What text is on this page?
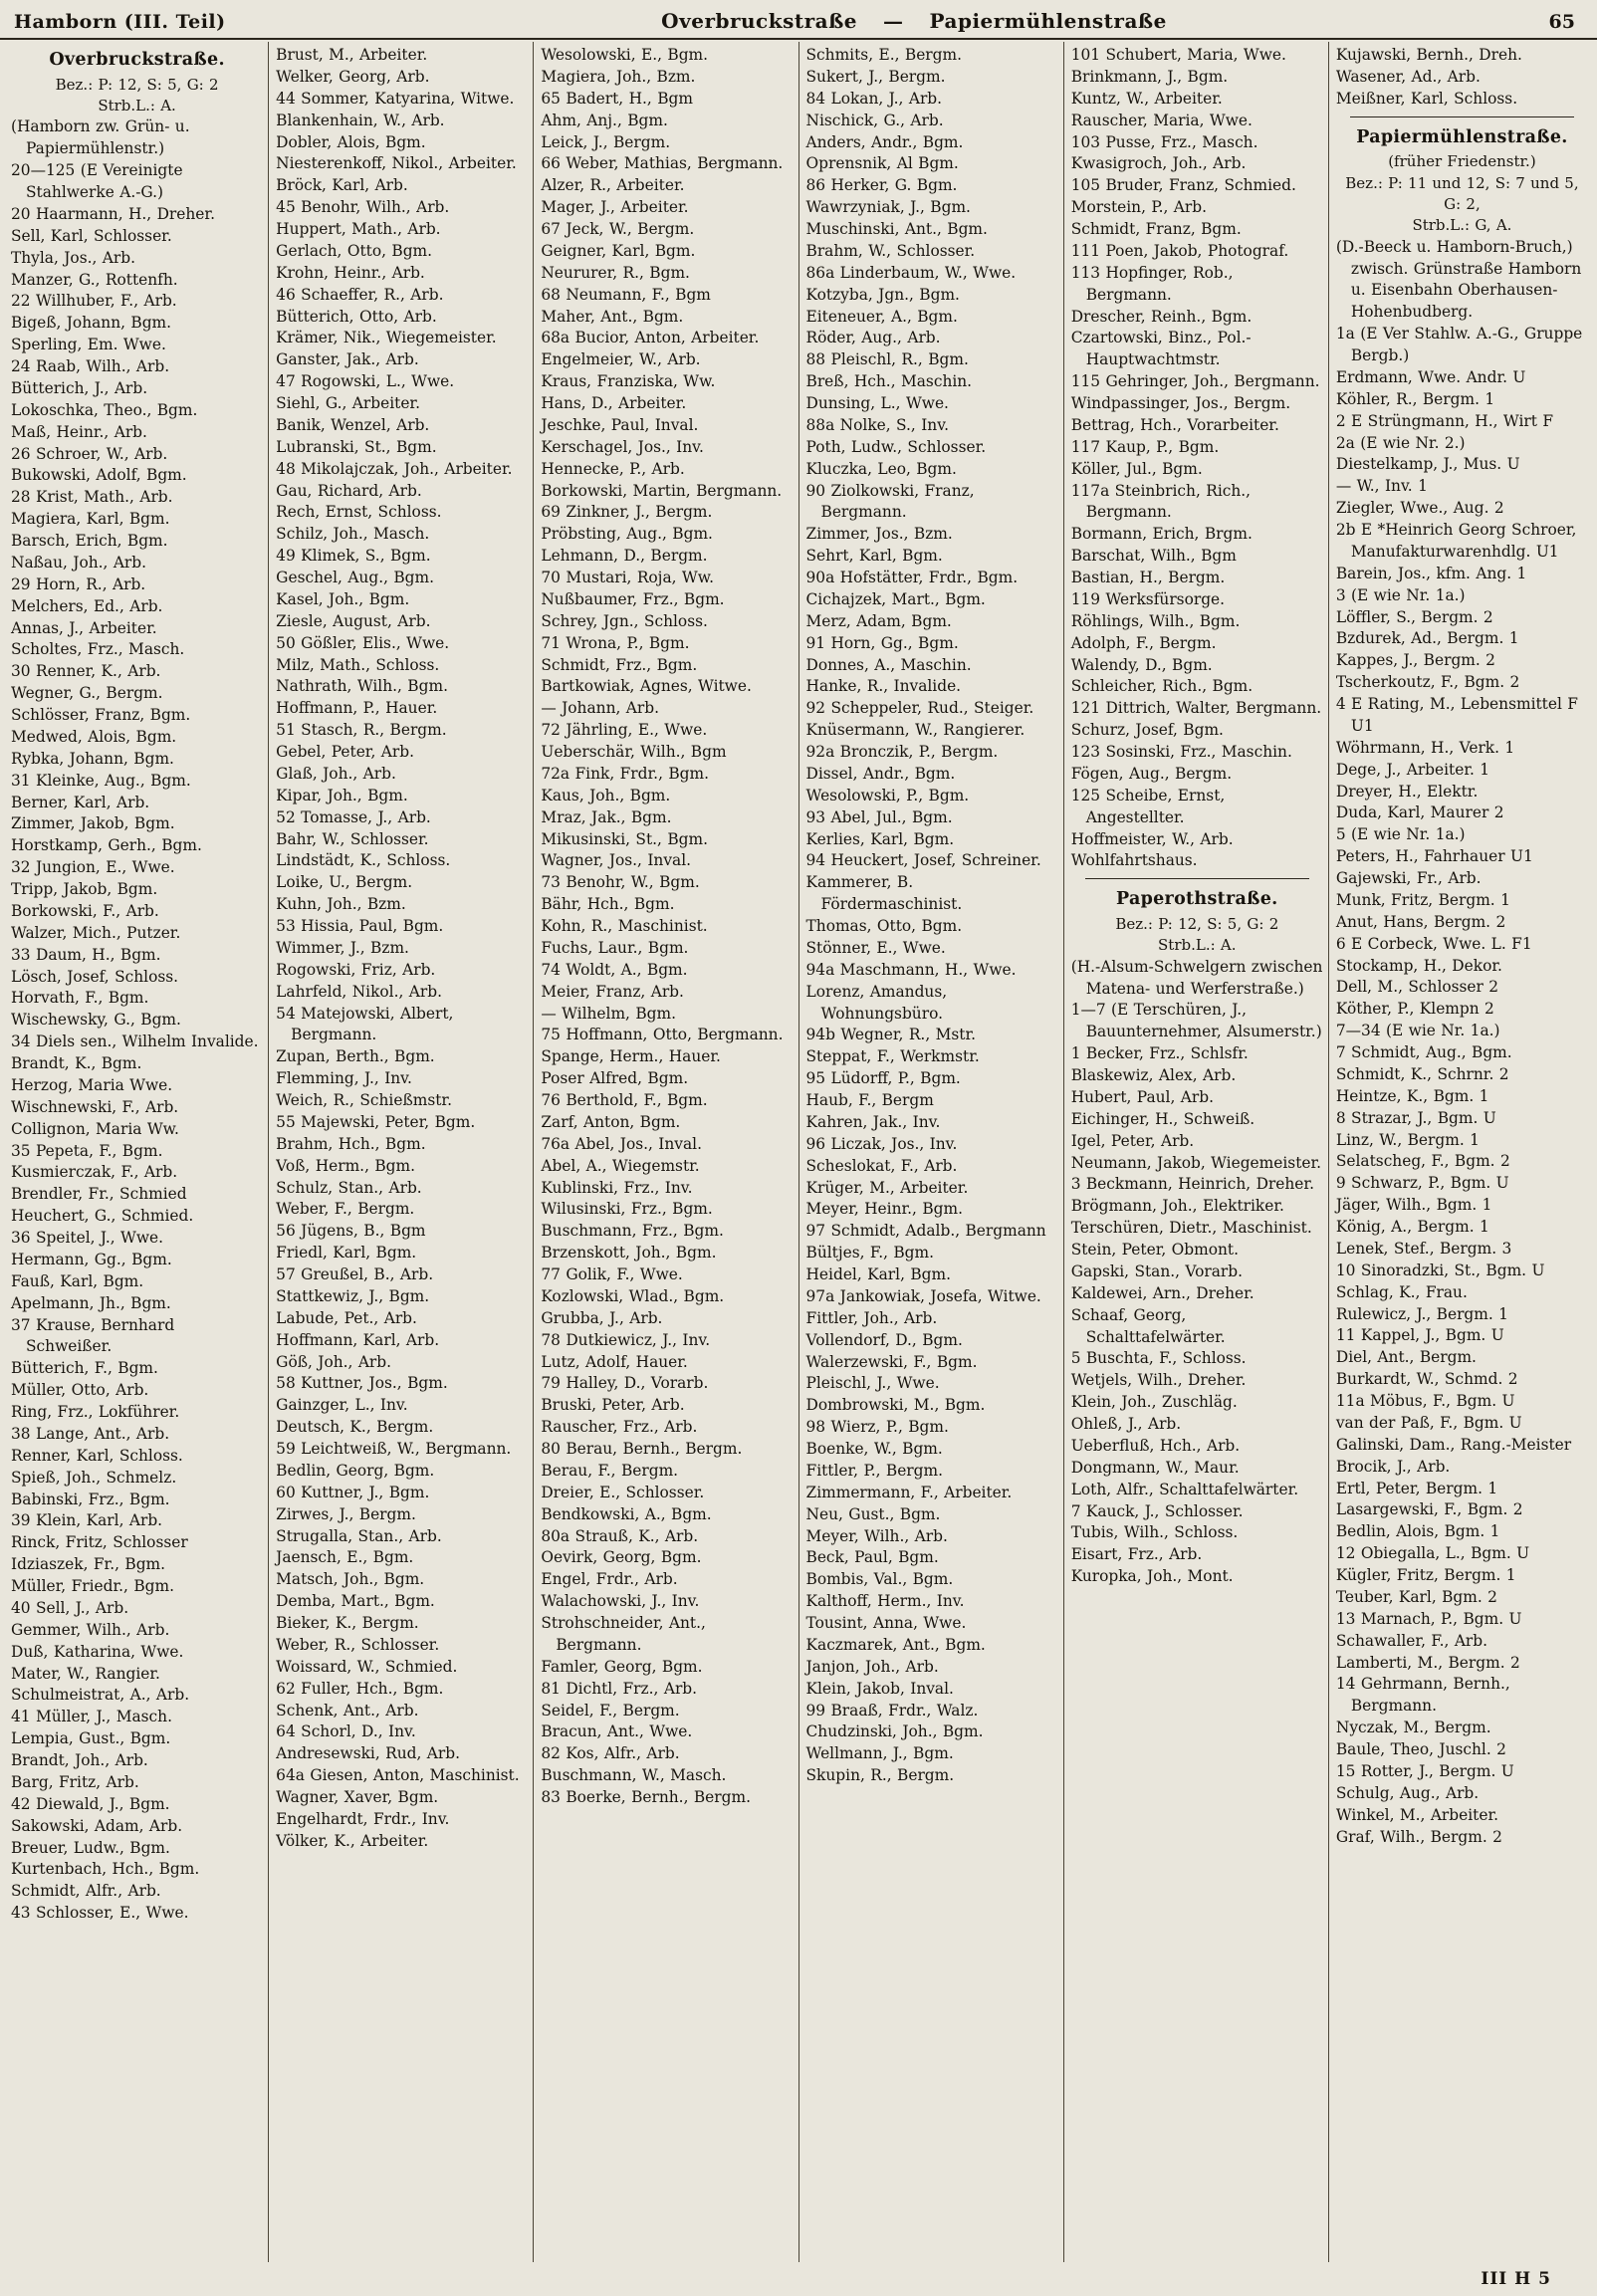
Hamborn (III. Teil)	Overbruckstraße — Papiermühlenstraße	65
Overbruckstraße.
Bez.: P: 12, S: 5, G: 2
Strb.L.: A.
(Hamborn zw. Grün- u. Papiermühlenstr.)
20—125 (E Vereinigte Stahlwerke A.-G.)
20 Haarmann, H., Dreher.
Sell, Karl, Schlosser.
Thyla, Jos., Arb.
Manzer, G., Rottenfh.
22 Willhuber, F., Arb.
Bigeß, Johann, Bgm.
Sperling, Em. Wwe.
24 Raab, Wilh., Arb.
Bütterich, J., Arb.
Lokoschka, Theo., Bgm.
Maß, Heinr., Arb.
26 Schroer, W., Arb.
Bukowski, Adolf, Bgm.
28 Krist, Math., Arb.
Magiera, Karl, Bgm.
Barsch, Erich, Bgm.
Naßau, Joh., Arb.
29 Horn, R., Arb.
Melchers, Ed., Arb.
Annas, J., Arbeiter.
Scholtes, Frz., Masch.
30 Renner, K., Arb.
Wegner, G., Bergm.
Schlösser, Franz, Bgm.
Medwed, Alois, Bgm.
Rybka, Johann, Bgm.
31 Kleinke, Aug., Bgm.
Berner, Karl, Arb.
Zimmer, Jakob, Bgm.
Horstkamp, Gerh., Bgm.
32 Jungion, E., Wwe.
Tripp, Jakob, Bgm.
Borkowski, F., Arb.
Walzer, Mich., Putzer.
33 Daum, H., Bgm.
Lösch, Josef, Schloss.
Horvath, F., Bgm.
Wischewsky, G., Bgm.
34 Diels sen., Wilhelm Invalide.
Brandt, K., Bgm.
Herzog, Maria Wwe.
Wischnewski, F., Arb.
Collignon, Maria Ww.
35 Pepeta, F., Bgm.
Kusmierczak, F., Arb.
Brendler, Fr., Schmied
Heuchert, G., Schmied.
36 Speitel, J., Wwe.
Hermann, Gg., Bgm.
Fauß, Karl, Bgm.
Apelmann, Jh., Bgm.
37 Krause, Bernhard Schweißer.
Bütterich, F., Bgm.
Müller, Otto, Arb.
Ring, Frz., Lokführer.
38 Lange, Ant., Arb.
Renner, Karl, Schloss.
Spieß, Joh., Schmelz.
Babinski, Frz., Bgm.
39 Klein, Karl, Arb.
Rinck, Fritz, Schlosser
Idziaszek, Fr., Bgm.
Müller, Friedr., Bgm.
40 Sell, J., Arb.
Gemmer, Wilh., Arb.
Duß, Katharina, Wwe.
Mater, W., Rangier.
Schulmeistrat, A., Arb.
41 Müller, J., Masch.
Lempia, Gust., Bgm.
Brandt, Joh., Arb.
Barg, Fritz, Arb.
42 Diewald, J., Bgm.
Sakowski, Adam, Arb.
Breuer, Ludw., Bgm.
Kurtenbach, Hch., Bgm.
Schmidt, Alfr., Arb.
43 Schlosser, E., Wwe.
Brust, M., Arbeiter.
Welker, Georg, Arb.
44 Sommer, Katyarina, Witwe.
Blankenhain, W., Arb.
Dobler, Alois, Bgm.
Niesterenkoff, Nikol., Arbeiter.
Bröck, Karl, Arb.
45 Benohr, Wilh., Arb.
Huppert, Math., Arb.
Gerlach, Otto, Bgm.
Krohn, Heinr., Arb.
46 Schaeffer, R., Arb.
Bütterich, Otto, Arb.
Krämer, Nik., Wiegemeister.
Ganster, Jak., Arb.
47 Rogowski, L., Wwe.
Siehl, G., Arbeiter.
Banik, Wenzel, Arb.
Lubranski, St., Bgm.
48 Mikolajczak, Joh., Arbeiter.
Gau, Richard, Arb.
Rech, Ernst, Schloss.
Schilz, Joh., Masch.
49 Klimek, S., Bgm.
Geschel, Aug., Bgm.
Kasel, Joh., Bgm.
Ziesle, August, Arb.
50 Gößler, Elis., Wwe.
Milz, Math., Schloss.
Nathrath, Wilh., Bgm.
Hoffmann, P., Hauer.
51 Stasch, R., Bergm.
Gebel, Peter, Arb.
Glaß, Joh., Arb.
Kipar, Joh., Bgm.
52 Tomasse, J., Arb.
Bahr, W., Schlosser.
Lindstädt, K., Schloss.
Loike, U., Bergm.
Kuhn, Joh., Bzm.
53 Hissia, Paul, Bgm.
Wimmer, J., Bzm.
Rogowski, Friz, Arb.
Lahrfeld, Nikol., Arb.
54 Matejowski, Albert, Bergmann.
Zupan, Berth., Bgm.
Flemming, J., Inv.
Weich, R., Schießmstr.
55 Majewski, Peter, Bgm.
Brahm, Hch., Bgm.
Voß, Herm., Bgm.
Schulz, Stan., Arb.
Weber, F., Bergm.
56 Jügens, B., Bgm
Friedl, Karl, Bgm.
57 Greußel, B., Arb.
Stattkewiz, J., Bgm.
Labude, Pet., Arb.
Hoffmann, Karl, Arb.
Göß, Joh., Arb.
58 Kuttner, Jos., Bgm.
Gainzger, L., Inv.
Deutsch, K., Bergm.
59 Leichtweiß, W., Bergmann.
Bedlin, Georg, Bgm.
60 Kuttner, J., Bgm.
Zirwes, J., Bergm.
Strugalla, Stan., Arb.
Jaensch, E., Bgm.
Matsch, Joh., Bgm.
Demba, Mart., Bgm.
Bieker, K., Bergm.
Weber, R., Schlosser.
Woissard, W., Schmied.
62 Fuller, Hch., Bgm.
Schenk, Ant., Arb.
64 Schorl, D., Inv.
Andresewski, Rud, Arb.
64a Giesen, Anton, Maschinist.
Wagner, Xaver, Bgm.
Engelhardt, Frdr., Inv.
Völker, K., Arbeiter.
Wesolowski, E., Bgm.
Magiera, Joh., Bzm.
65 Badert, H., Bgm
Ahm, Anj., Bgm.
Leick, J., Bergm.
66 Weber, Mathias, Bergmann.
Alzer, R., Arbeiter.
Mager, J., Arbeiter.
67 Jeck, W., Bergm.
Geigner, Karl, Bgm.
Neururer, R., Bgm.
68 Neumann, F., Bgm
Maher, Ant., Bgm.
68a Bucior, Anton, Arbeiter.
Engelmeier, W., Arb.
Kraus, Franziska, Ww.
Hans, D., Arbeiter.
Jeschke, Paul, Inval.
Kerschagel, Jos., Inv.
Hennecke, P., Arb.
Borkowski, Martin, Bergmann.
69 Zinkner, J., Bergm.
Pröbsting, Aug., Bgm.
Lehmann, D., Bergm.
70 Mustari, Roja, Ww.
Nußbaumer, Frz., Bgm.
Schrey, Jgn., Schloss.
71 Wrona, P., Bgm.
Schmidt, Frz., Bgm.
Bartkowiak, Agnes, Witwe.
— Johann, Arb.
72 Jährling, E., Wwe.
Ueberschär, Wilh., Bgm
72a Fink, Frdr., Bgm.
Kaus, Joh., Bgm.
Mraz, Jak., Bgm.
Mikusinski, St., Bgm.
Wagner, Jos., Inval.
73 Benohr, W., Bgm.
Bähr, Hch., Bgm.
Kohn, R., Maschinist.
Fuchs, Laur., Bgm.
74 Woldt, A., Bgm.
Meier, Franz, Arb.
— Wilhelm, Bgm.
75 Hoffmann, Otto, Bergmann.
Spange, Herm., Hauer.
Poser Alfred, Bgm.
76 Berthold, F., Bgm.
Zarf, Anton, Bgm.
76a Abel, Jos., Inval.
Abel, A., Wiegemstr.
Kublinski, Frz., Inv.
Wilusinski, Frz., Bgm.
Buschmann, Frz., Bgm.
Brzenskott, Joh., Bgm.
77 Golik, F., Wwe.
Kozlowski, Wlad., Bgm.
Grubba, J., Arb.
78 Dutkiewicz, J., Inv.
Lutz, Adolf, Hauer.
79 Halley, D., Vorarb.
Bruski, Peter, Arb.
Rauscher, Frz., Arb.
80 Berau, Bernh., Bergm.
Berau, F., Bergm.
Dreier, E., Schlosser.
Bendkowski, A., Bgm.
80a Strauß, K., Arb.
Oevirk, Georg, Bgm.
Engel, Frdr., Arb.
Walachowski, J., Inv.
Strohschneider, Ant., Bergmann.
Famler, Georg, Bgm.
81 Dichtl, Frz., Arb.
Seidel, F., Bergm.
Bracun, Ant., Wwe.
82 Kos, Alfr., Arb.
Buschmann, W., Masch.
83 Boerke, Bernh., Bergm.
Schmits, E., Bergm.
Sukert, J., Bergm.
84 Lokan, J., Arb.
Nischick, G., Arb.
Anders, Andr., Bgm.
Oprensnik, Al Bgm.
86 Herker, G. Bgm.
Wawrzyniak, J., Bgm.
Muschinski, Ant., Bgm.
Brahm, W., Schlosser.
86a Linderbaum, W., Wwe.
Kotzyba, Jgn., Bgm.
Eiteneuer, A., Bgm.
Röder, Aug., Arb.
88 Pleischl, R., Bgm.
Breß, Hch., Maschin.
Dunsing, L., Wwe.
88a Nolke, S., Inv.
Poth, Ludw., Schlosser.
Kluczka, Leo, Bgm.
90 Ziolkowski, Franz, Bergmann.
Zimmer, Jos., Bzm.
Sehrt, Karl, Bgm.
90a Hofstätter, Frdr., Bgm.
Cichajzek, Mart., Bgm.
Merz, Adam, Bgm.
91 Horn, Gg., Bgm.
Donnes, A., Maschin.
Hanke, R., Invalide.
92 Scheppeler, Rud., Steiger.
Knüsermann, W., Rangierer.
92a Bronczik, P., Bergm.
Dissel, Andr., Bgm.
Wesolowski, P., Bgm.
93 Abel, Jul., Bgm.
Kerlies, Karl, Bgm.
94 Heuckert, Josef, Schreiner.
Kammerer, B. Fördermaschinist.
Thomas, Otto, Bgm.
Stönner, E., Wwe.
94a Maschmann, H., Wwe.
Lorenz, Amandus, Wohnungsbüro.
94b Wegner, R., Mstr.
Steppat, F., Werkmstr.
95 Lüdorff, P., Bgm.
Haub, F., Bergm
Kahren, Jak., Inv.
96 Liczak, Jos., Inv.
Scheslokat, F., Arb.
Krüger, M., Arbeiter.
Meyer, Heinr., Bgm.
97 Schmidt, Adalb., Bergmann
Bültjes, F., Bgm.
Heidel, Karl, Bgm.
97a Jankowiak, Josefa, Witwe.
Fittler, Joh., Arb.
Vollendorf, D., Bgm.
Walerzewski, F., Bgm.
Pleischl, J., Wwe.
Dombrowski, M., Bgm.
98 Wierz, P., Bgm.
Boenke, W., Bgm.
Fittler, P., Bergm.
Zimmermann, F., Arbeiter.
Neu, Gust., Bgm.
Meyer, Wilh., Arb.
Beck, Paul, Bgm.
Bombis, Val., Bgm.
Kalthoff, Herm., Inv.
Tousint, Anna, Wwe.
Kaczmarek, Ant., Bgm.
Janjon, Joh., Arb.
Klein, Jakob, Inval.
99 Braaß, Frdr., Walz.
Chudzinski, Joh., Bgm.
Wellmann, J., Bgm.
Skupin, R., Bergm.
101 Schubert, Maria, Wwe.
Brinkmann, J., Bgm.
Kuntz, W., Arbeiter.
Rauscher, Maria, Wwe.
103 Pusse, Frz., Masch.
Kwasigroch, Joh., Arb.
105 Bruder, Franz, Schmied.
Morstein, P., Arb.
Schmidt, Franz, Bgm.
111 Poen, Jakob, Photograf.
113 Hopfinger, Rob., Bergmann.
Drescher, Reinh., Bgm.
Czartowski, Binz., Pol.-Hauptwachtmstr.
115 Gehringer, Joh., Bergmann.
Windpassinger, Jos., Bergm.
Bettrag, Hch., Vorarbeiter.
117 Kaup, P., Bgm.
Köller, Jul., Bgm.
117a Steinbrich, Rich., Bergmann.
Bormann, Erich, Brgm.
Barschat, Wilh., Bgm
Bastian, H., Bergm.
119 Werksfürsorge.
Röhlings, Wilh., Bgm.
Adolph, F., Bergm.
Walendy, D., Bgm.
Schleicher, Rich., Bgm.
121 Dittrich, Walter, Bergmann.
Schurz, Josef, Bgm.
123 Sosinski, Frz., Maschin.
Fögen, Aug., Bergm.
125 Scheibe, Ernst, Angestellter.
Hoffmeister, W., Arb.
Wohlfahrtshaus.
Paperothstraße.
Bez.: P: 12, S: 5, G: 2
Strb.L.: A.
(H.-Alsum-Schwelgern zwischen Matena- und Werferstraße.)
1—7 (E Terschüren, J., Bauunternehmer, Alsumerstr.)
1 Becker, Frz., Schlsfr.
Blaskewiz, Alex, Arb.
Hubert, Paul, Arb.
Eichinger, H., Schweiß.
Igel, Peter, Arb.
Neumann, Jakob, Wiegemeister.
3 Beckmann, Heinrich, Dreher.
Brögmann, Joh., Elektriker.
Terschüren, Dietr., Maschinist.
Stein, Peter, Obmont.
Gapski, Stan., Vorarb.
Kaldewei, Arn., Dreher.
Schaaf, Georg, Schalttafelwärter.
5 Buschta, F., Schloss.
Wetjels, Wilh., Dreher.
Klein, Joh., Zuschläg.
Ohleß, J., Arb.
Ueberfluß, Hch., Arb.
Dongmann, W., Maur.
Loth, Alfr., Schalttafelwärter.
7 Kauck, J., Schlosser.
Tubis, Wilh., Schloss.
Eisart, Frz., Arb.
Kuropka, Joh., Mont.
Kujawski, Bernh., Dreh.
Wasener, Ad., Arb.
Meißner, Karl, Schloss.
Papiermühlenstraße.
(früher Friedenstr.)
Bez.: P: 11 und 12, S: 7 und 5, G: 2,
Strb.L.: G, A.
(D.-Beeck u. Hamborn-Bruch,) zwisch. Grünstraße Hamborn u. Eisenbahn Oberhausen-Hohenbudberg.
1a (E Ver Stahlw. A.-G., Gruppe Bergb.)
Erdmann, Wwe. Andr. U
Köhler, R., Bergm. 1
2 E Strüngmann, H., Wirt F
2a (E wie Nr. 2.)
Diestelkamp, J., Mus. U
— W., Inv. 1
Ziegler, Wwe., Aug. 2
2b E *Heinrich Georg Schroer, Manufakturwarenhdlg. U1
Barein, Jos., kfm. Ang. 1
3 (E wie Nr. 1a.)
Löffler, S., Bergm. 2
Bzdurek, Ad., Bergm. 1
Kappes, J., Bergm. 2
Tscherkoutz, F., Bgm. 2
4 E Rating, M., Lebensmittel F U1
Wöhrmann, H., Verk. 1
Dege, J., Arbeiter. 1
Dreyer, H., Elektr.
Duda, Karl, Maurer 2
5 (E wie Nr. 1a.)
Peters, H., Fahrhauer U1
Gajewski, Fr., Arb.
Munk, Fritz, Bergm. 1
Anut, Hans, Bergm. 2
6 E Corbeck, Wwe. L. F1
Stockamp, H., Dekor.
Dell, M., Schlosser 2
Köther, P., Klempn 2
7—34 (E wie Nr. 1a.)
7 Schmidt, Aug., Bgm.
Schmidt, K., Schrnr. 2
Heintze, K., Bgm. 1
8 Strazar, J., Bgm. U
Linz, W., Bergm. 1
Selatscheg, F., Bgm. 2
9 Schwarz, P., Bgm. U
Jäger, Wilh., Bgm. 1
König, A., Bergm. 1
Lenek, Stef., Bergm. 3
10 Sinoradzki, St., Bgm. U
Schlag, K., Frau.
Rulewicz, J., Bergm. 1
11 Kappel, J., Bgm. U
Diel, Ant., Bergm.
Burkardt, W., Schmd. 2
11a Möbus, F., Bgm. U
van der Paß, F., Bgm. U
Galinski, Dam., Rang.-Meister
Brocik, J., Arb.
Ertl, Peter, Bergm. 1
Lasargewski, F., Bgm. 2
Bedlin, Alois, Bgm. 1
12 Obiegalla, L., Bgm. U
Kügler, Fritz, Bergm. 1
Teuber, Karl, Bgm. 2
13 Marnach, P., Bgm. U
Schawaller, F., Arb.
Lamberti, M., Bergm. 2
14 Gehrmann, Bernh., Bergmann.
Nyczak, M., Bergm.
Baule, Theo, Juschl. 2
15 Rotter, J., Bergm. U
Schulg, Aug., Arb.
Winkel, M., Arbeiter.
Graf, Wilh., Bergm. 2
III H 5
